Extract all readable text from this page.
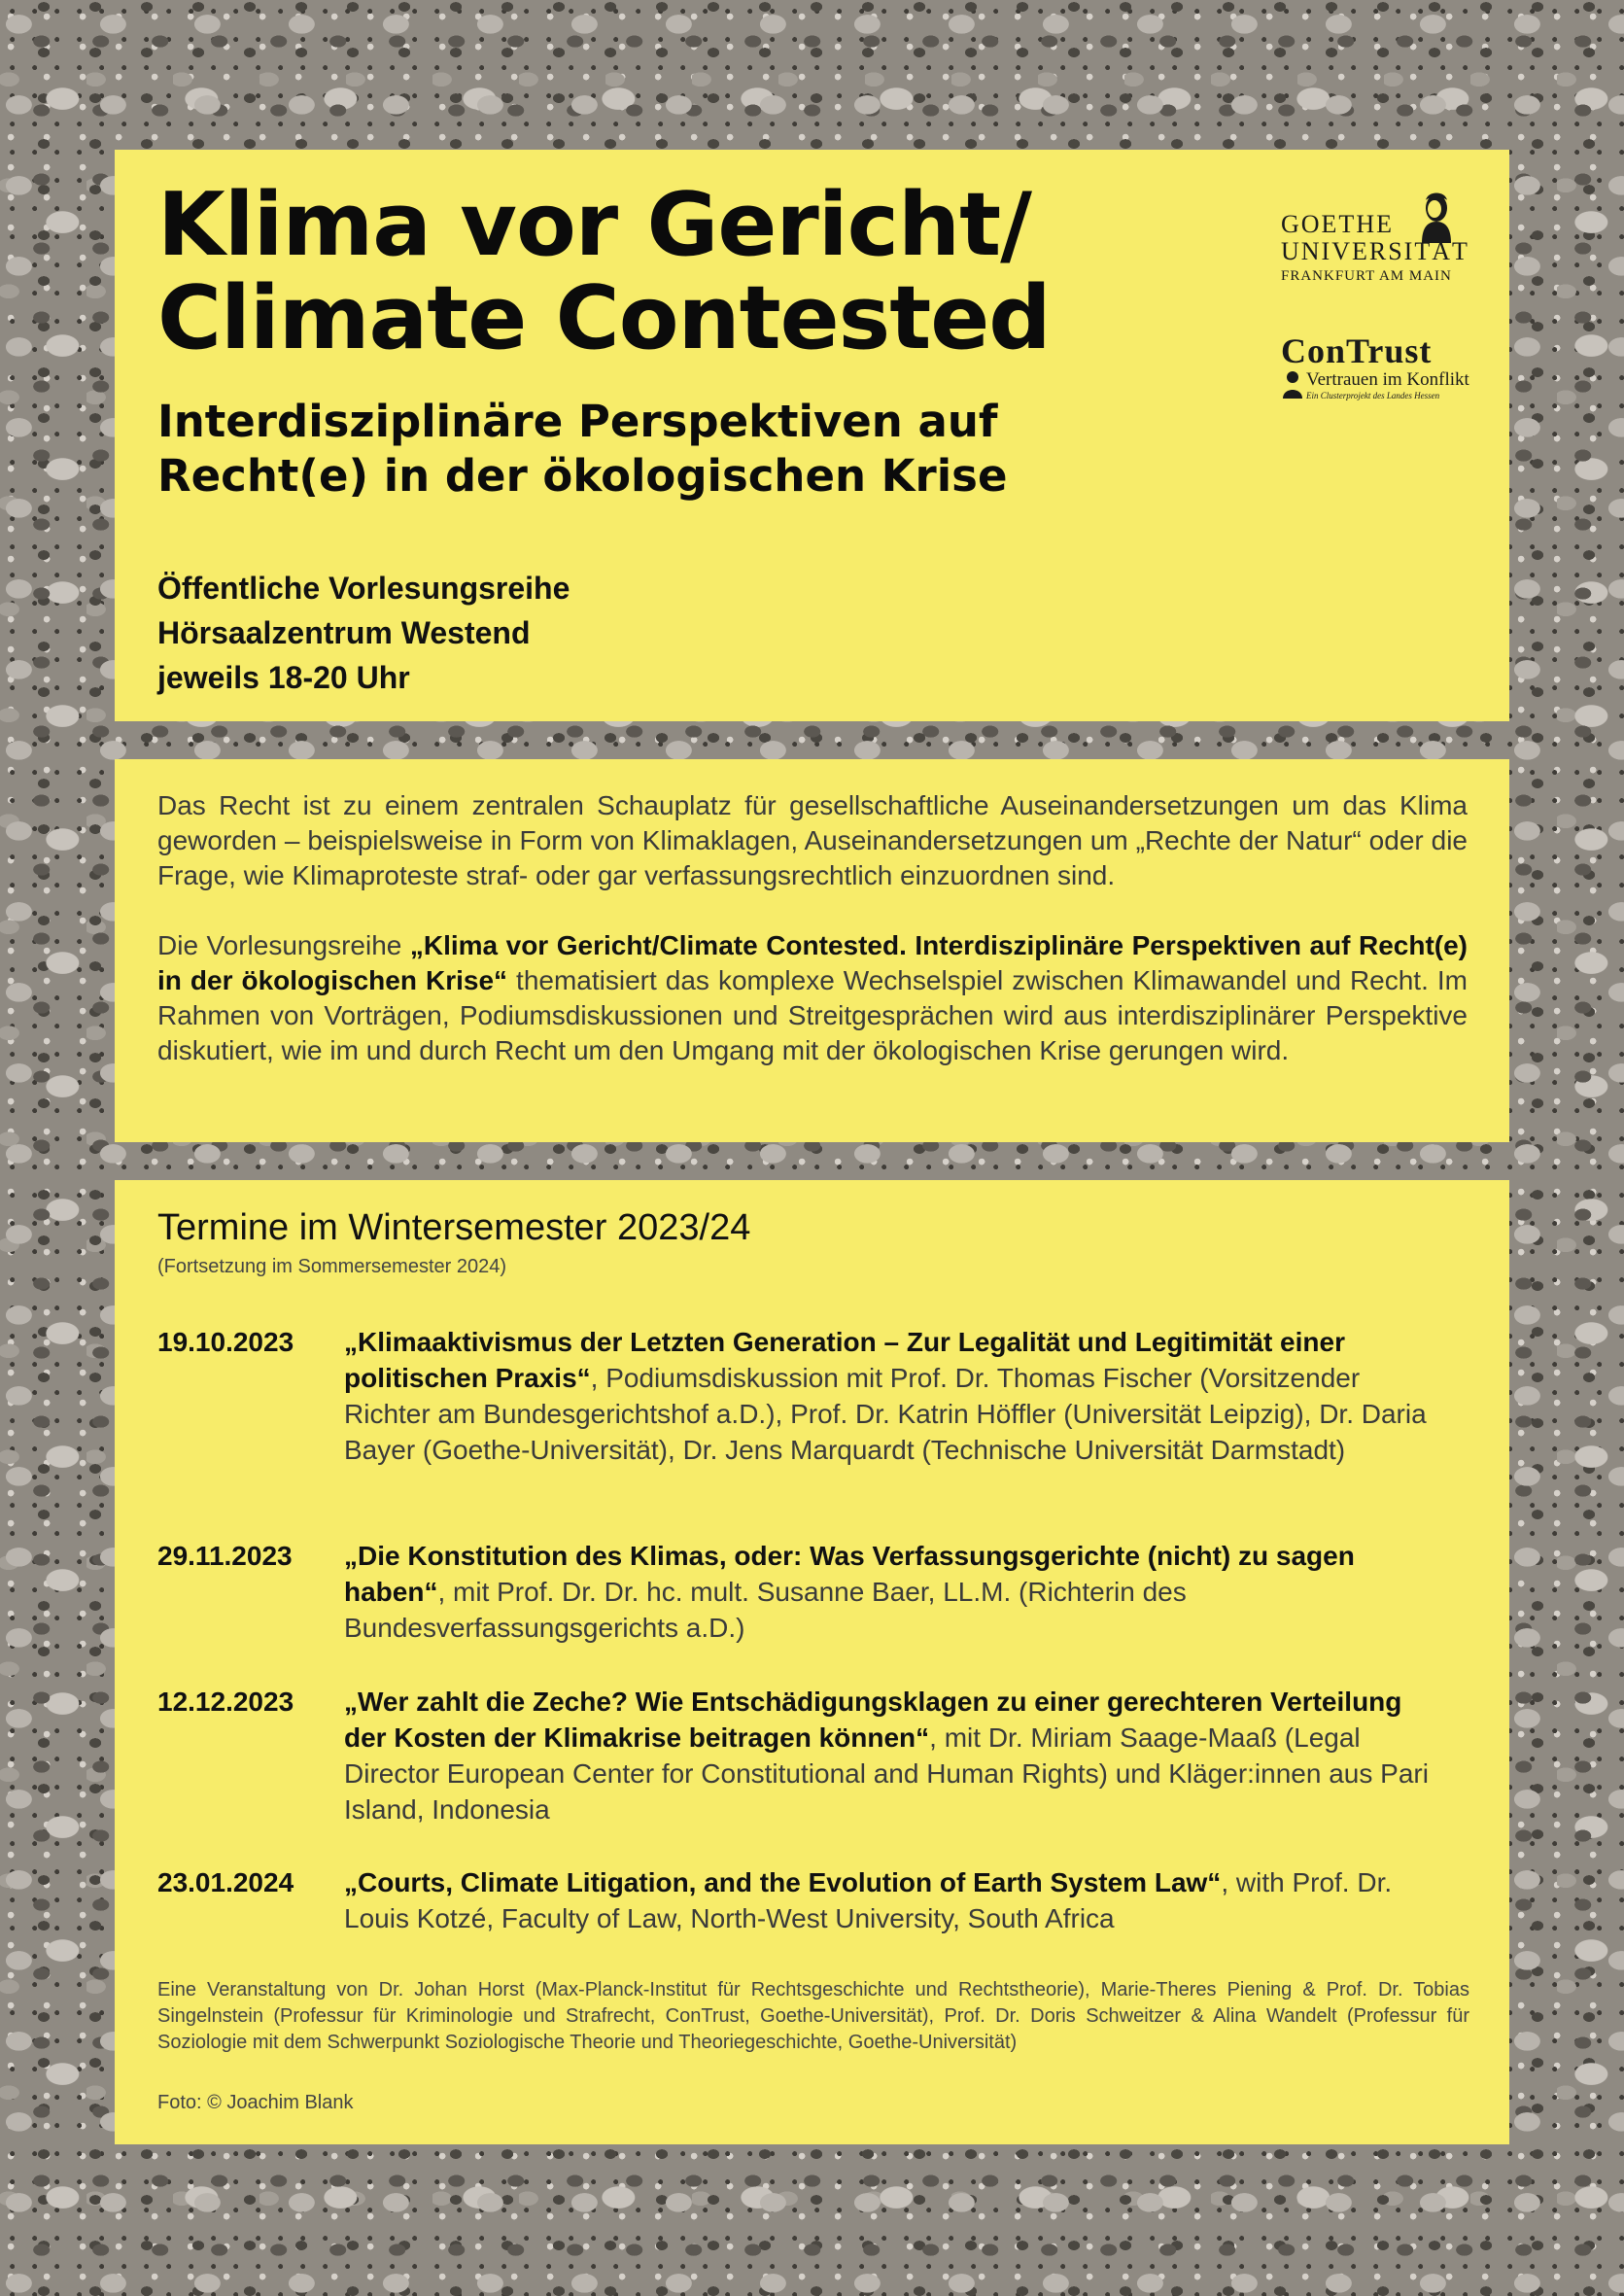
Klima vor Gericht/
Climate Contested
Interdisziplinäre Perspektiven auf
Recht(e) in der ökologischen Krise
Öffentliche Vorlesungsreihe
Hörsaalzentrum Westend
jeweils 18-20 Uhr
GOETHE
UNIVERSITÄT
FRANKFURT AM MAIN
ConTrust
Vertrauen im Konflikt
Ein Clusterprojekt des Landes Hessen

Das Recht ist zu einem zentralen Schauplatz für gesellschaftliche Auseinandersetzungen um das Klima geworden – beispielsweise in Form von Klimaklagen, Auseinandersetzungen um „Rechte der Natur“ oder die Frage, wie Klimaproteste straf- oder gar verfassungsrechtlich einzuordnen sind.

Die Vorlesungsreihe „Klima vor Gericht/Climate Contested. Interdisziplinäre Perspektiven auf Recht(e) in der ökologischen Krise“ thematisiert das komplexe Wechselspiel zwischen Klimawandel und Recht. Im Rahmen von Vorträgen, Podiumsdiskussionen und Streitgesprächen wird aus interdisziplinärer Perspektive diskutiert, wie im und durch Recht um den Umgang mit der ökologischen Krise gerungen wird.

Termine im Wintersemester 2023/24
(Fortsetzung im Sommersemester 2024)
19.10.2023 „Klimaaktivismus der Letzten Generation – Zur Legalität und Legitimität einer politischen Praxis“, Podiumsdiskussion mit Prof. Dr. Thomas Fischer (Vorsitzender Richter am Bundesgerichtshof a.D.), Prof. Dr. Katrin Höffler (Universität Leipzig), Dr. Daria Bayer (Goethe-Universität), Dr. Jens Marquardt (Technische Universität Darmstadt)
29.11.2023 „Die Konstitution des Klimas, oder: Was Verfassungsgerichte (nicht) zu sagen haben“, mit Prof. Dr. Dr. hc. mult. Susanne Baer, LL.M. (Richterin des Bundesverfassungsgerichts a.D.)
12.12.2023 „Wer zahlt die Zeche? Wie Entschädigungsklagen zu einer gerechteren Verteilung der Kosten der Klimakrise beitragen können“, mit Dr. Miriam Saage-Maaß (Legal Director European Center for Constitutional and Human Rights) und Kläger:innen aus Pari Island, Indonesia
23.01.2024 „Courts, Climate Litigation, and the Evolution of Earth System Law“, with Prof. Dr. Louis Kotzé, Faculty of Law, North-West University, South Africa
Eine Veranstaltung von Dr. Johan Horst (Max-Planck-Institut für Rechtsgeschichte und Rechtstheorie), Marie-Theres Piening & Prof. Dr. Tobias Singelnstein (Professur für Kriminologie und Strafrecht, ConTrust, Goethe-Universität), Prof. Dr. Doris Schweitzer & Alina Wandelt (Professur für Soziologie mit dem Schwerpunkt Soziologische Theorie und Theoriegeschichte, Goethe-Universität)
Foto: © Joachim Blank
